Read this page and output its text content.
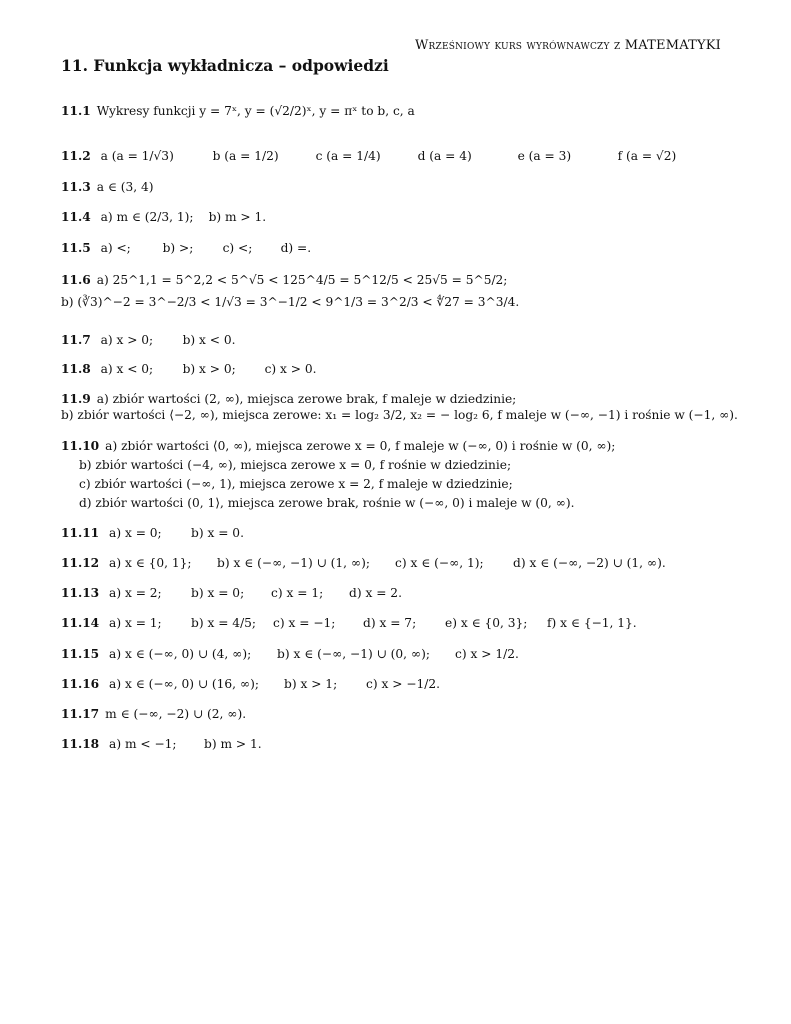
Wrześniowy kurs wyrównawczy z MATEMATYKI
11. Funkcja wykładnicza – odpowiedzi
11.1 Wykresy funkcji y = 7ˣ, y = (√2/2)ˣ, y = πˣ to b, c, a
11.2 a (a = 1/√3)	b (a = 1/2)	c (a = 1/4)	d (a = 4)	e (a = 3)	f (a = √2)
11.3 a ∈ (3, 4)
11.4 a) m ∈ (2/3, 1); b) m > 1.
11.5 a) <;	b) >; c) <; d) =.
11.6 a) 25^1,1 = 5^2,2 < 5^√5 < 125^4/5 = 5^12/5 < 25√5 = 5^5/2;
b) (∛3)^−2 = 3^−2/3 < 1/√3 = 3^−1/2 < 9^1/3 = 3^2/3 < ∜27 = 3^3/4.
11.7 a) x > 0; b) x < 0.
11.8 a) x < 0; b) x > 0; c) x > 0.
11.9 a) zbiór wartości (2, ∞), miejsca zerowe brak, f maleje w dziedzinie;
b) zbiór wartości ⟨−2, ∞), miejsca zerowe: x₁ = log₂ 3/2, x₂ = − log₂ 6, f maleje w (−∞, −1) i rośnie w (−1, ∞).
11.10 a) zbiór wartości ⟨0, ∞), miejsca zerowe x = 0, f maleje w (−∞, 0) i rośnie w (0, ∞);
b) zbiór wartości (−4, ∞), miejsca zerowe x = 0, f rośnie w dziedzinie;
c) zbiór wartości (−∞, 1), miejsca zerowe x = 2, f maleje w dziedzinie;
d) zbiór wartości (0, 1⟩, miejsca zerowe brak, rośnie w (−∞, 0) i maleje w (0, ∞).
11.11 a) x = 0; b) x = 0.
11.12 a) x ∈ {0, 1}; b) x ∈ (−∞, −1) ∪ (1, ∞); c) x ∈ (−∞, 1); d) x ∈ (−∞, −2) ∪ (1, ∞).
11.13 a) x = 2; b) x = 0; c) x = 1; d) x = 2.
11.14 a) x = 1; b) x = 4/5; c) x = −1; d) x = 7; e) x ∈ {0, 3}; f) x ∈ {−1, 1}.
11.15 a) x ∈ (−∞, 0) ∪ (4, ∞); b) x ∈ (−∞, −1) ∪ (0, ∞); c) x > 1/2.
11.16 a) x ∈ (−∞, 0) ∪ (16, ∞); b) x > 1; c) x > −1/2.
11.17 m ∈ (−∞, −2) ∪ (2, ∞).
11.18 a) m < −1; b) m > 1.
